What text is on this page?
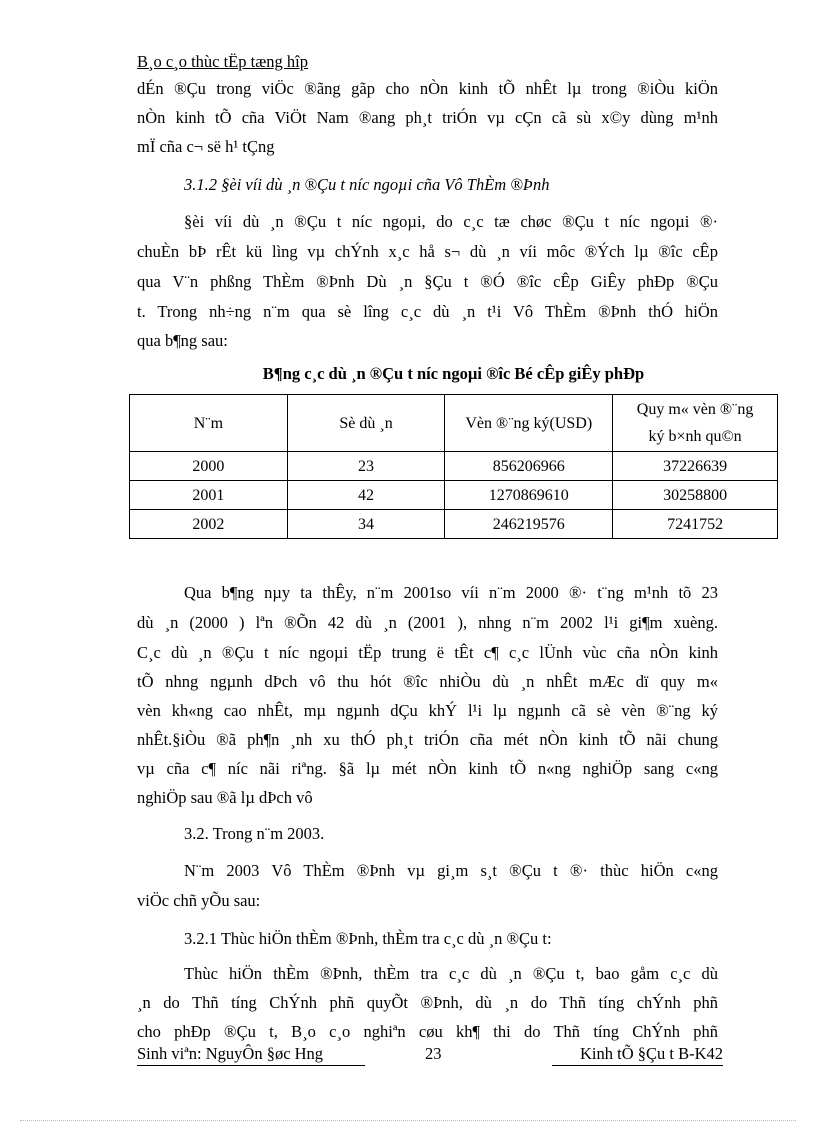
B¸o c¸o thùc tËp tæng hîp
dÉn ®Çu trong viÖc ®ãng gãp cho nÒn kinh tÕ nhÊt lµ trong ®iÒu kiÖn
nÒn kinh tÕ cña ViÖt Nam ®ang ph¸t triÓn vµ cÇn cã sù x©y dùng m¹nh
mÏ cña c¬ së h¹ tÇng
3.1.2 §èi víi dù ¸n ®Çu t níc ngoµi cña Vô ThÈm ®Þnh
§èi víi dù ¸n ®Çu t níc ngoµi, do c¸c tæ chøc ®Çu t níc ngoµi ®·
chuÈn bÞ rÊt kü lìng vµ chÝnh x¸c hå s¬ dù ¸n víi môc ®Ých lµ ®îc cÊp
qua V¨n phßng ThÈm ®Þnh Dù ¸n §Çu t ®Ó ®îc cÊp GiÊy phÐp ®Çu
t. Trong nh÷ng n¨m qua sè lîng c¸c dù ¸n t¹i Vô ThÈm ®Þnh thÓ hiÖn
qua b¶ng sau:
B¶ng c¸c dù ¸n ®Çu t níc ngoµi ®îc Bé cÊp giÊy phÐp
N¨m	Sè dù ¸n	Vèn ®¨ng ký(USD)	Quy m« vèn ®¨ng
ký b×nh qu©n
2000	23	856206966	37226639
2001	42	1270869610	30258800
2002	34	246219576	7241752
Qua b¶ng nµy ta thÊy, n¨m 2001so víi n¨m 2000 ®· t¨ng m¹nh tõ 23
dù ¸n (2000 ) lªn ®Õn 42 dù ¸n (2001 ), nhng n¨m 2002 l¹i gi¶m xuèng.
C¸c dù ¸n ®Çu t níc ngoµi tËp trung ë tÊt c¶ c¸c lÜnh vùc cña nÒn kinh
tÕ nhng ngµnh dÞch vô thu hót ®îc nhiÒu dù ¸n nhÊt mÆc dï quy m«
vèn kh«ng cao nhÊt, mµ ngµnh dÇu khÝ l¹i lµ ngµnh cã sè vèn ®¨ng ký
nhÊt.§iÒu ®ã ph¶n ¸nh xu thÓ ph¸t triÓn cña mét nÒn kinh tÕ nãi chung
vµ cña c¶ níc nãi riªng. §ã lµ mét nÒn kinh tÕ n«ng nghiÖp sang c«ng
nghiÖp sau ®ã lµ dÞch vô
3.2. Trong n¨m 2003.
N¨m 2003 Vô ThÈm ®Þnh vµ gi¸m s¸t ®Çu t ®· thùc hiÖn c«ng
viÖc chñ yÕu sau:
3.2.1 Thùc hiÖn thÈm ®Þnh, thÈm tra c¸c dù ¸n ®Çu t:
Thùc hiÖn thÈm ®Þnh, thÈm tra c¸c dù ¸n ®Çu t, bao gåm c¸c dù
¸n do Thñ tíng ChÝnh phñ quyÕt ®Þnh, dù ¸n do Thñ tíng chÝnh phñ
cho phÐp ®Çu t, B¸o c¸o nghiªn cøu kh¶ thi do Thñ tíng ChÝnh phñ
Sinh viªn: NguyÔn §øc Hng	23	Kinh tÕ §Çu t B-K42
